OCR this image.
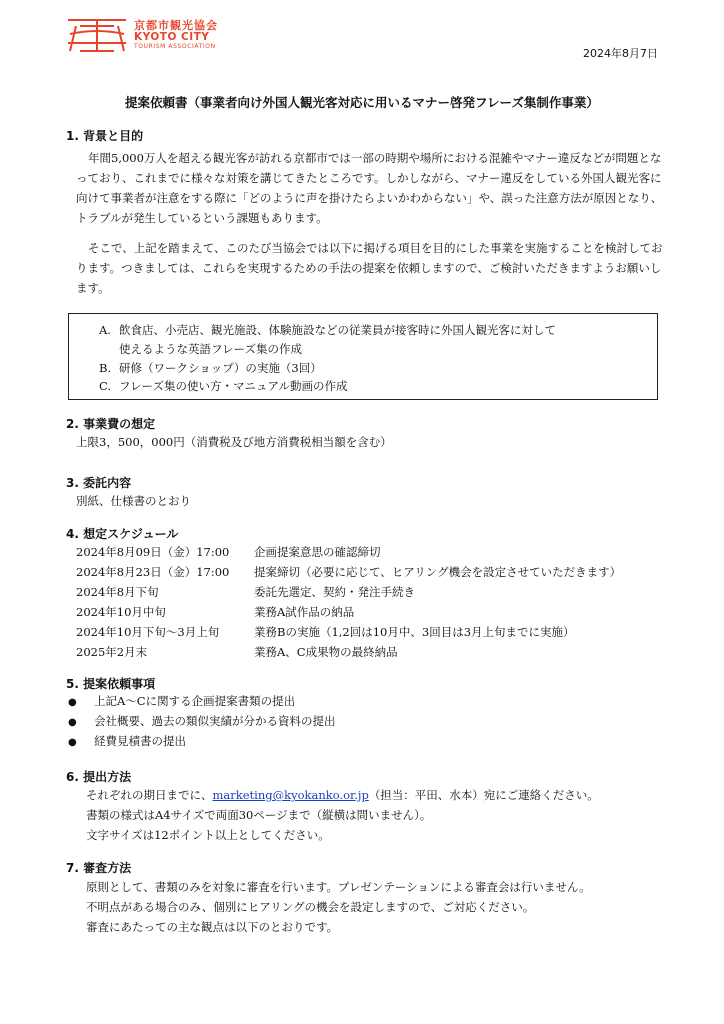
京都市観光協会
KYOTO CITY
TOURISM ASSOCIATION
2024年8月7日
提案依頼書（事業者向け外国人観光客対応に用いるマナー啓発フレーズ集制作事業）
1. 背景と目的
年間5,000万人を超える観光客が訪れる京都市では一部の時期や場所における混雑やマナー違反などが問題となっており、これまでに様々な対策を講じてきたところです。しかしながら、マナー違反をしている外国人観光客に向けて事業者が注意をする際に「どのように声を掛けたらよいかわからない」や、誤った注意方法が原因となり、トラブルが発生しているという課題もあります。
そこで、上記を踏まえて、このたび当協会では以下に掲げる項目を目的にした事業を実施することを検討しております。つきましては、これらを実現するための手法の提案を依頼しますので、ご検討いただきますようお願いします。
A. 飲食店、小売店、観光施設、体験施設などの従業員が接客時に外国人観光客に対して
使えるような英語フレーズ集の作成
B. 研修（ワークショップ）の実施（3回）
C. フレーズ集の使い方・マニュアル動画の作成
2. 事業費の想定
上限3，500，000円（消費税及び地方消費税相当額を含む）
3. 委託内容
別紙、仕様書のとおり
4. 想定スケジュール
2024年8月09日（金）17:00 企画提案意思の確認締切
2024年8月23日（金）17:00 提案締切（必要に応じて、ヒアリング機会を設定させていただきます）
2024年8月下旬	委託先選定、契約・発注手続き
2024年10月中旬	業務A試作品の納品
2024年10月下旬〜3月上旬	業務Bの実施（1,2回は10月中、3回目は3月上旬までに実施）
2025年2月末	業務A、C成果物の最終納品
5. 提案依頼事項
● 上記A〜Cに関する企画提案書類の提出
● 会社概要、過去の類似実績が分かる資料の提出
● 経費見積書の提出
6. 提出方法
それぞれの期日までに、marketing@kyokanko.or.jp（担当：平田、水本）宛にご連絡ください。
書類の様式はA4サイズで両面30ページまで（縦横は問いません）。
文字サイズは12ポイント以上としてください。
7. 審査方法
原則として、書類のみを対象に審査を行います。プレゼンテーションによる審査会は行いません。
不明点がある場合のみ、個別にヒアリングの機会を設定しますので、ご対応ください。
審査にあたっての主な観点は以下のとおりです。
